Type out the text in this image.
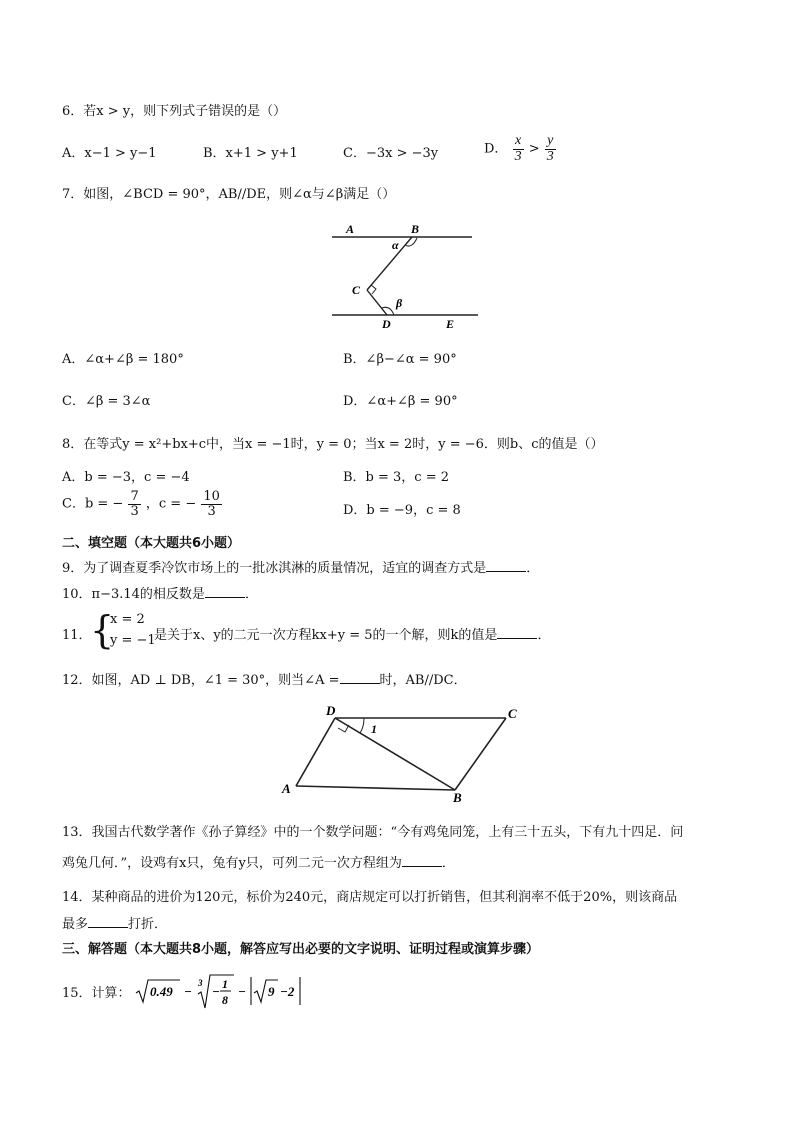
6．若x > y，则下列式子错误的是（）
A．x−1 > y−1	B．x+1 > y+1	C．−3x > −3y	D． $\frac{x}{3} > \frac{y}{3}$
7．如图，∠BCD = 90°，AB//DE，则∠α与∠β满足（）
A	B
α
C
β
D	E
A．∠α+∠β = 180°	B．∠β−∠α = 90°
C．∠β = 3∠α	D．∠α+∠β = 90°
8．在等式y = x²+bx+c中，当x = −1时，y = 0；当x = 2时，y = −6．则b、c的值是（）
A．b = −3，c = −4	B．b = 3，c = 2
C．b = − $\frac{7}{3}$ ，c = − $\frac{10}{3}$	D．b = −9，c = 8
二、填空题（本大题共6小题）
9．为了调查夏季冷饮市场上的一批冰淇淋的质量情况，适宜的调查方式是	．
10．π−3.14的相反数是	．
11．
{
x = 2
y = −1
是关于x、y的二元一次方程kx+y = 5的一个解，则k的值是	．
12．如图，AD ⊥ DB，∠1 = 30°，则当∠A =	时，AB//DC．
D
1
C
A
B
13．我国古代数学著作《孙子算经》中的一个数学问题：“今有鸡兔同笼，上有三十五头，下有九十四足．问
鸡兔几何．”，设鸡有x只，兔有y只，可列二元一次方程组为	．
14．某种商品的进价为120元，标价为240元，商店规定可以打折销售，但其利润率不低于20%，则该商品
最多	打折．
三、解答题（本大题共8小题，解答应写出必要的文字说明、证明过程或演算步骤）
15．计算： 0.49 −
3
− 1
8
− 9 −2
